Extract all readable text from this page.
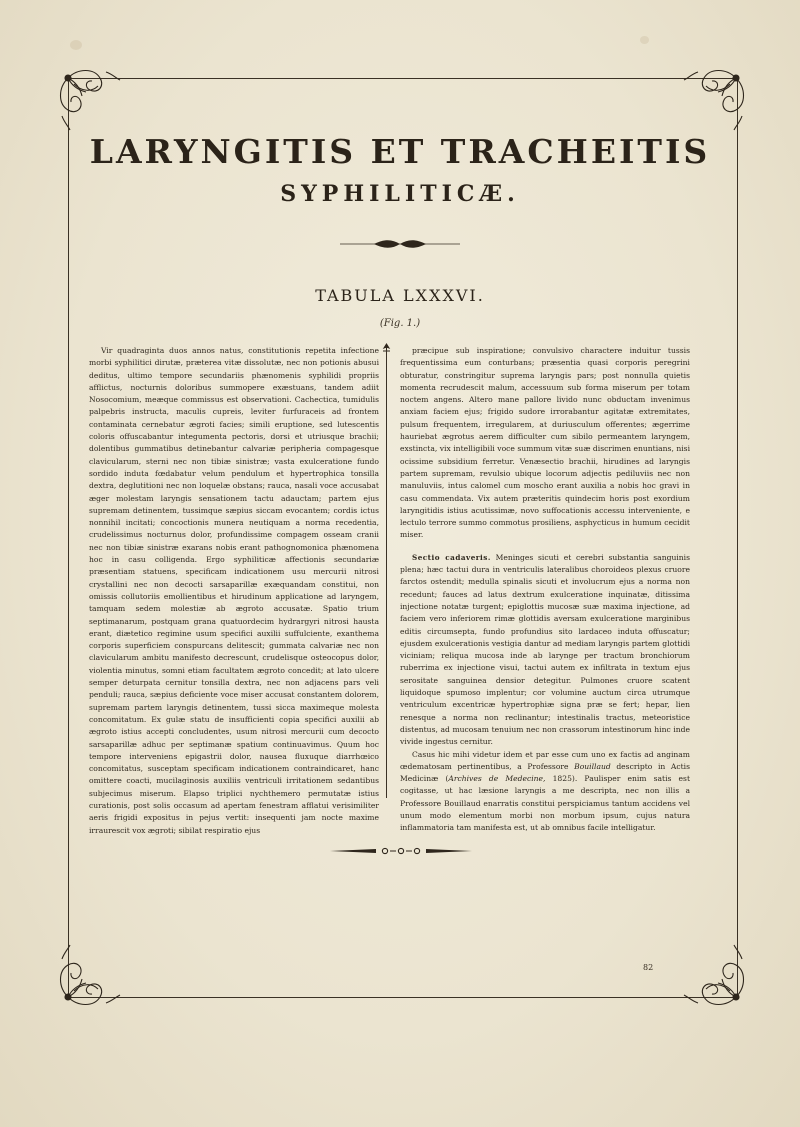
LARYNGITIS ET TRACHEITIS
SYPHILITICÆ.
TABULA LXXXVI.
(Fig. 1.)

Vir quadraginta duos annos natus, constitutionis repetita infectione morbi syphilitici dirutæ, præterea vitæ dissolutæ, nec non potionis abusui deditus, ultimo tempore secundariis phænomenis syphilidi propriis afflictus, nocturnis doloribus summopere exæstuans, tandem adiit Nosocomium, meæque commissus est observationi. Cachectica, tumidulis palpebris instructa, maculis cupreis, leviter furfuraceis ad frontem contaminata cernebatur ægroti facies; simili eruptione, sed lutescentis coloris offuscabantur integumenta pectoris, dorsi et utriusque brachii; dolentibus gummatibus detinebantur calvariæ peripheria compagesque clavicularum, sterni nec non tibiæ sinistræ; vasta exulceratione fundo sordido induta fœdabatur velum pendulum et hypertrophica tonsilla dextra, deglutitioni nec non loquelæ obstans; rauca, nasali voce accusabat æger molestam laryngis sensationem tactu adauctam; partem ejus supremam detinentem, tussimque sæpius siccam evocantem; cordis ictus nonnihil incitati; concoctionis munera neutiquam a norma recedentia, crudelissimus nocturnus dolor, profundissime compagem osseam cranii nec non tibiæ sinistræ exarans nobis erant pathognomonica phænomena hoc in casu colligenda. Ergo syphiliticæ affectionis secundariæ præsentiam statuens, specificam indicationem usu mercurii nitrosi crystallini nec non decocti sarsaparillæ exæquandam constitui, non omissis collutoriis emollientibus et hirudinum applicatione ad laryngem, tamquam sedem molestiæ ab ægroto accusatæ. Spatio trium septimanarum, postquam grana quatuordecim hydrargyri nitrosi hausta erant, diætetico regimine usum specifici auxilii suffulciente, exanthema corporis superficiem conspurcans delitescit; gummata calvariæ nec non clavicularum ambitu manifesto decrescunt, crudelisque osteocopus dolor, violentia minutus, somni etiam facultatem ægroto concedit; at lato ulcere semper deturpata cernitur tonsilla dextra, nec non adjacens pars veli penduli; rauca, sæpius deficiente voce miser accusat constantem dolorem, supremam partem laryngis detinentem, tussi sicca maximeque molesta concomitatum. Ex gulæ statu de insufficienti copia specifici auxilii ab ægroto istius accepti concludentes, usum nitrosi mercurii cum decocto sarsaparillæ adhuc per septimanæ spatium continuavimus. Quum hoc tempore interveniens epigastrii dolor, nausea fluxuque diarrhœico concomitatus, susceptam specificam indicationem contraindicaret, hanc omittere coacti, mucilaginosis auxiliis ventriculi irritationem sedantibus subjecimus miserum. Elapso triplici nychthemero permutatæ istius curationis, post solis occasum ad apertam fenestram afflatui verisimiliter aeris frigidi expositus in pejus vertit: insequenti jam nocte maxime irraurescit vox ægroti; sibilat respiratio ejus

præcipue sub inspiratione; convulsivo charactere induitur tussis frequentissima eum conturbans; præsentia quasi corporis peregrini obturatur, constringitur suprema laryngis pars; post nonnulla quietis momenta recrudescit malum, accessuum sub forma miserum per totam noctem angens. Altero mane pallore livido nunc obductam invenimus anxiam faciem ejus; frigido sudore irrorabantur agitatæ extremitates, pulsum frequentem, irregularem, at duriusculum offerentes; ægerrime hauriebat ægrotus aerem difficulter cum sibilo permeantem laryngem, exstincta, vix intelligibili voce summum vitæ suæ discrimen enuntians, nisi ocissime subsidium ferretur. Venæsectio brachii, hirudines ad laryngis partem supremam, revulsio ubique locorum adjectis pediluviis nec non manuluviis, intus calomel cum moscho erant auxilia a nobis hoc gravi in casu commendata. Vix autem præteritis quindecim horis post exordium laryngitidis istius acutissimæ, novo suffocationis accessu interveniente, e lectulo terrore summo commotus prosiliens, asphycticus in humum cecidit miser.

Sectio cadaveris. Meninges sicuti et cerebri substantia sanguinis plena; hæc tactui dura in ventriculis lateralibus choroideos plexus cruore farctos ostendit; medulla spinalis sicuti et involucrum ejus a norma non recedunt; fauces ad latus dextrum exulceratione inquinatæ, ditissima injectione notatæ turgent; epiglottis mucosæ suæ maxima injectione, ad faciem vero inferiorem rimæ glottidis aversam exulceratione marginibus editis circumsepta, fundo profundius sito lardaceo induta offuscatur; ejusdem exulcerationis vestigia dantur ad mediam laryngis partem glottidi viciniam; reliqua mucosa inde ab larynge per tractum bronchiorum ruberrima ex injectione visui, tactui autem ex infiltrata in textum ejus serositate sanguinea densior detegitur. Pulmones cruore scatent liquidoque spumoso implentur; cor volumine auctum circa utrumque ventriculum excentricæ hypertrophiæ signa præ se fert; hepar, lien renesque a norma non reclinantur; intestinalis tractus, meteoristice distentus, ad mucosam tenuium nec non crassorum intestinorum hinc inde vivide ingestus cernitur.

Casus hic mihi videtur idem et par esse cum uno ex factis ad anginam œdematosam pertinentibus, a Professore Bouillaud descripto in Actis Medicinæ (Archives de Medecine, 1825). Paulisper enim satis est cogitasse, ut hac læsione laryngis a me descripta, nec non illis a Professore Bouillaud enarratis constitui perspiciamus tantum accidens vel unum modo elementum morbi non morbum ipsum, cujus natura inflammatoria tam manifesta est, ut ab omnibus facile intelligatur.

82
